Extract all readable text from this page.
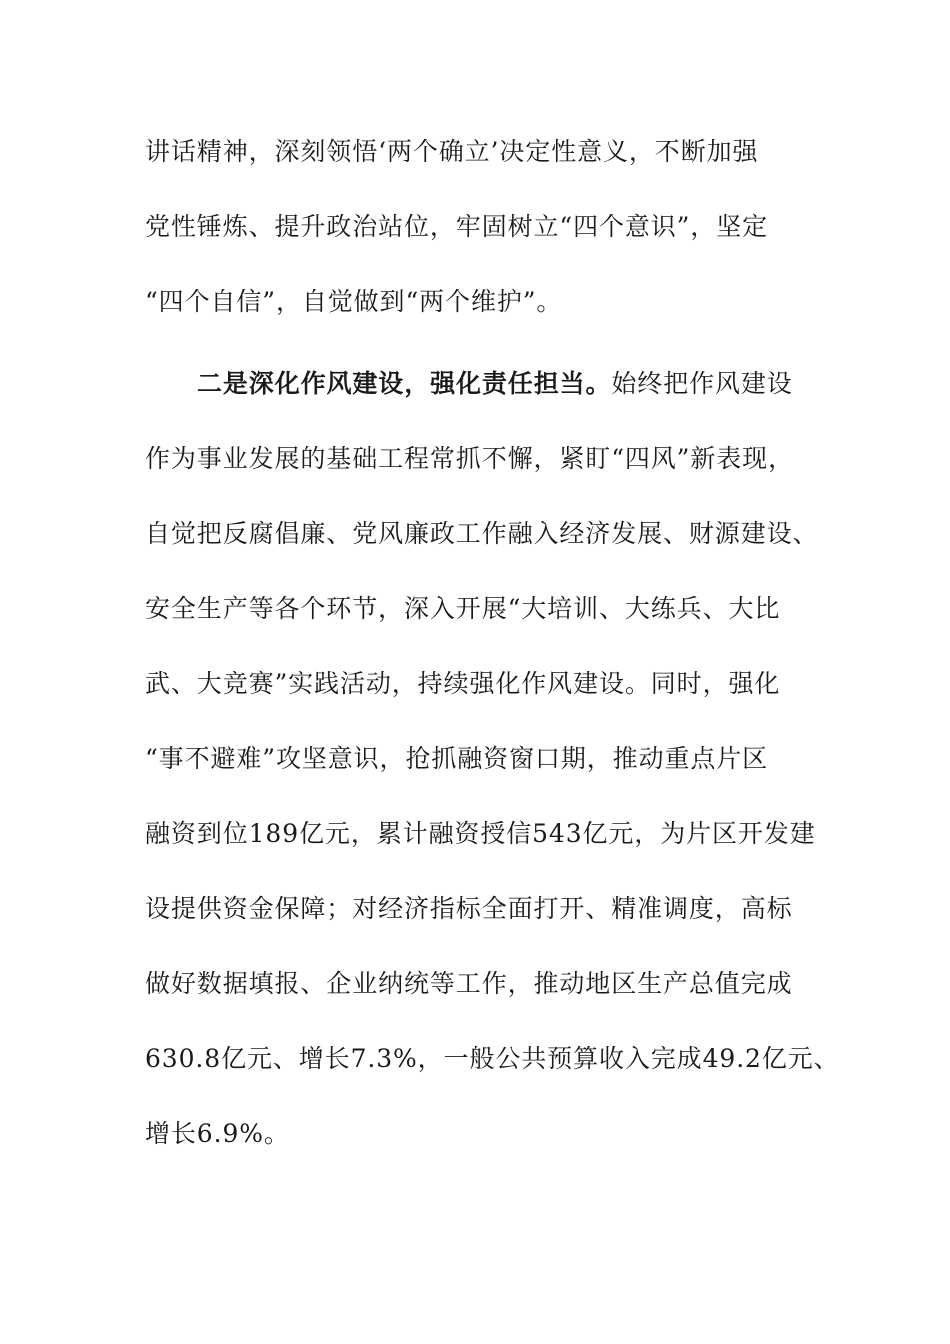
讲话精神，深刻领悟‘两个确立’决定性意义，不断加强
党性锤炼、提升政治站位，牢固树立“四个意识”，坚定
“四个自信”，自觉做到“两个维护”。
二是深化作风建设，强化责任担当。始终把作风建设
作为事业发展的基础工程常抓不懈，紧盯“四风”新表现，
自觉把反腐倡廉、党风廉政工作融入经济发展、财源建设、
安全生产等各个环节，深入开展“大培训、大练兵、大比
武、大竞赛”实践活动，持续强化作风建设。同时，强化
“事不避难”攻坚意识，抢抓融资窗口期，推动重点片区
融资到位189亿元，累计融资授信543亿元，为片区开发建
设提供资金保障；对经济指标全面打开、精准调度，高标
做好数据填报、企业纳统等工作，推动地区生产总值完成
630.8亿元、增长7.3%，一般公共预算收入完成49.2亿元、
增长6.9%。
